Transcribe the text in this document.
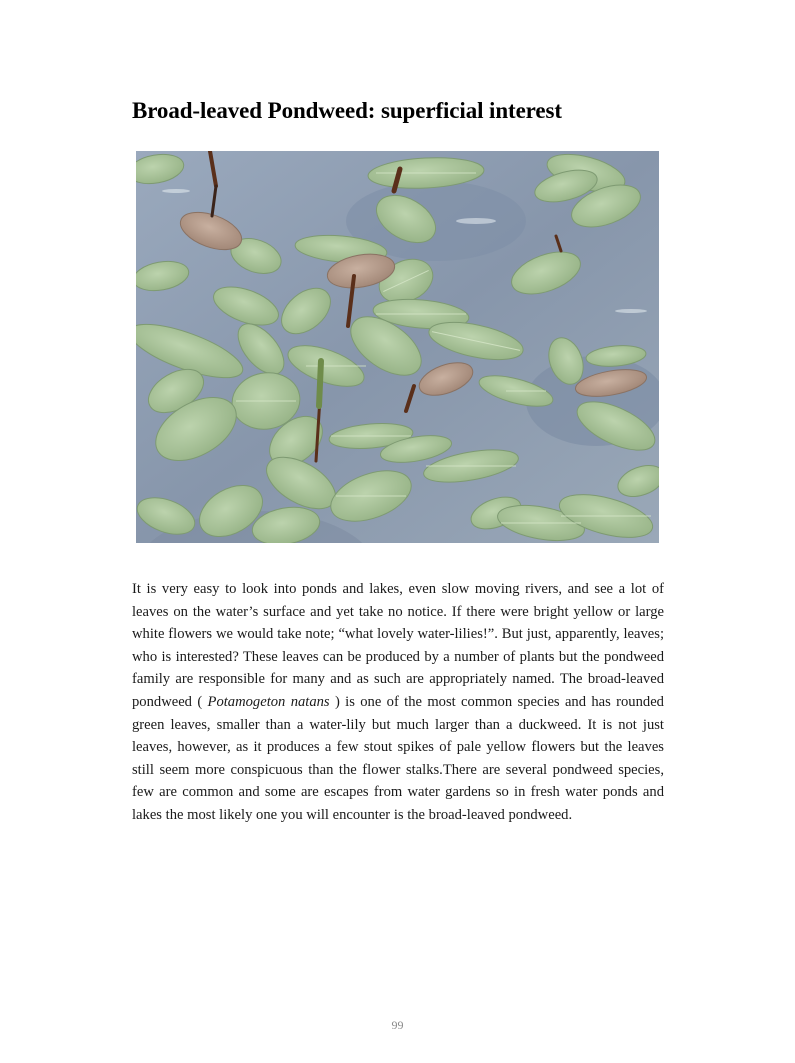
Broad-leaved Pondweed: superficial interest

It is very easy to look into ponds and lakes, even slow moving rivers, and see a lot of leaves on the water’s surface and yet take no notice. If there were bright yellow or large white flowers we would take note; “what lovely water-lilies!”. But just, apparently, leaves; who is interested? These leaves can be produced by a number of plants but the pondweed family are responsible for many and as such are appropriately named. The broad-leaved pondweed ( Potamogeton natans ) is one of the most common species and has rounded green leaves, smaller than a water-lily but much larger than a duckweed. It is not just leaves, however, as it produces a few stout spikes of pale yellow flowers but the leaves still seem more conspicuous than the flower stalks.There are several pondweed species, few are common and some are escapes from water gardens so in fresh water ponds and lakes the most likely one you will encounter is the broad-leaved pondweed.

99
